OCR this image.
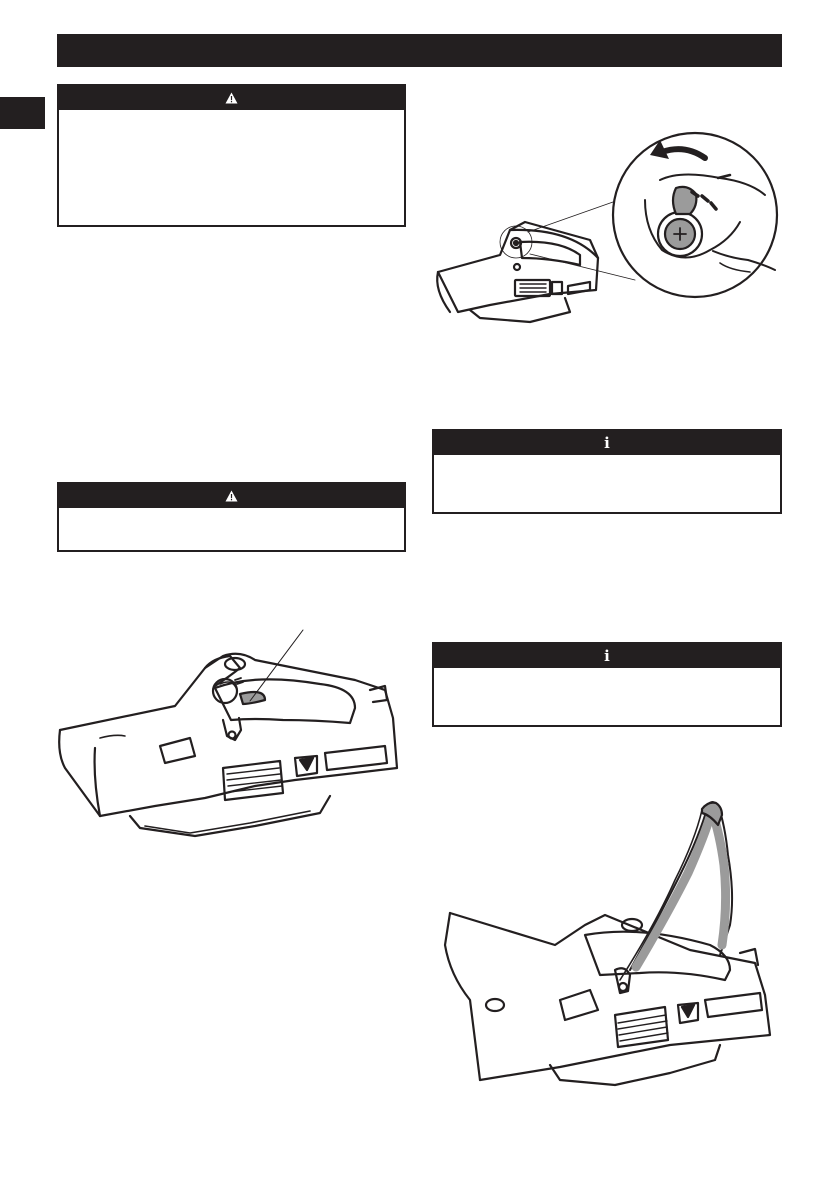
i
i
